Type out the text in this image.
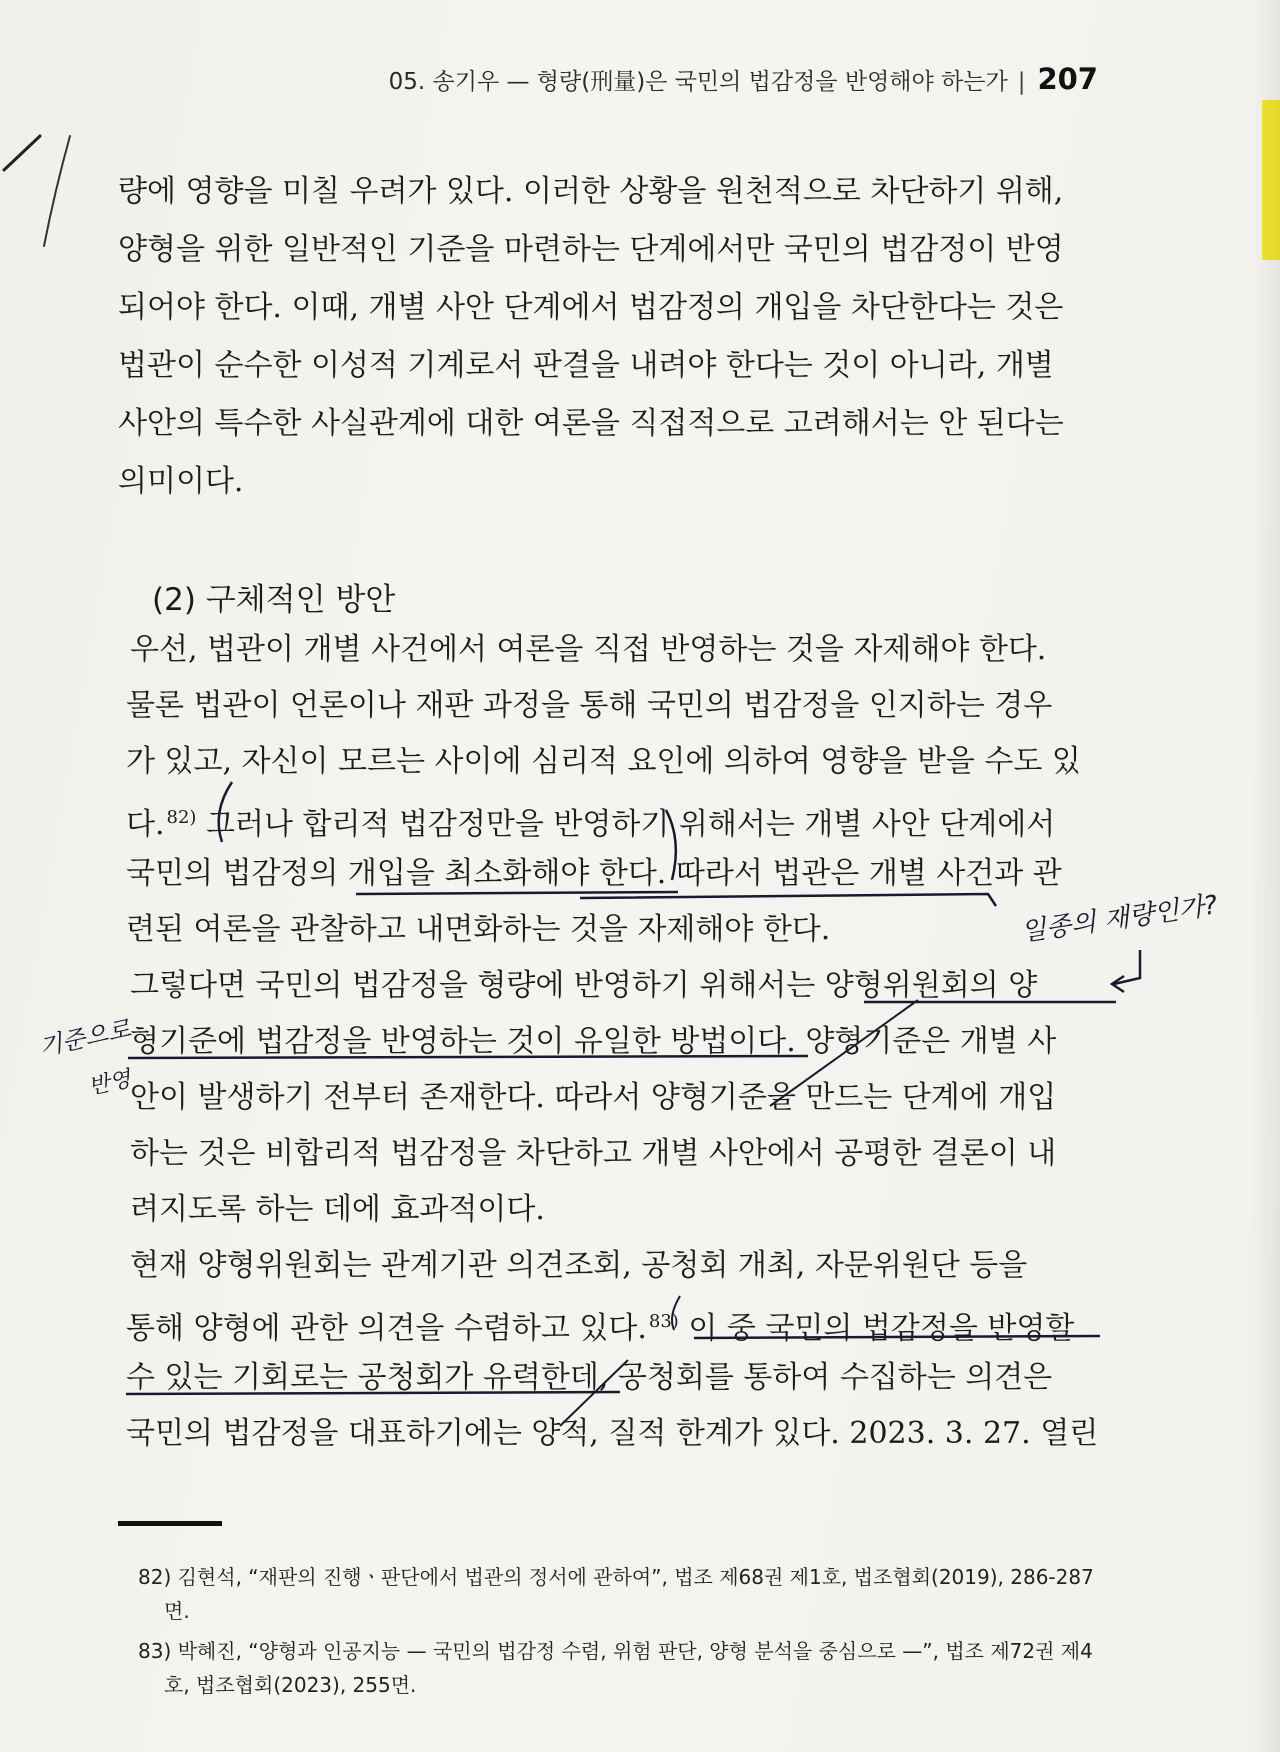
05. 송기우 — 형량(刑量)은 국민의 법감정을 반영해야 하는가 | 207
량에 영향을 미칠 우려가 있다. 이러한 상황을 원천적으로 차단하기 위해,
양형을 위한 일반적인 기준을 마련하는 단계에서만 국민의 법감정이 반영
되어야 한다. 이때, 개별 사안 단계에서 법감정의 개입을 차단한다는 것은
법관이 순수한 이성적 기계로서 판결을 내려야 한다는 것이 아니라, 개별
사안의 특수한 사실관계에 대한 여론을 직접적으로 고려해서는 안 된다는
의미이다.
(2) 구체적인 방안
우선, 법관이 개별 사건에서 여론을 직접 반영하는 것을 자제해야 한다.
물론 법관이 언론이나 재판 과정을 통해 국민의 법감정을 인지하는 경우
가 있고, 자신이 모르는 사이에 심리적 요인에 의하여 영향을 받을 수도 있
다. $^{82)}$ 그러나 합리적 법감정만을 반영하기 위해서는 개별 사안 단계에서
국민의 법감정의 개입을 최소화해야 한다. 따라서 법관은 개별 사건과 관
련된 여론을 관찰하고 내면화하는 것을 자제해야 한다.
그렇다면 국민의 법감정을 형량에 반영하기 위해서는 양형위원회의 양
형기준에 법감정을 반영하는 것이 유일한 방법이다. 양형기준은 개별 사
안이 발생하기 전부터 존재한다. 따라서 양형기준을 만드는 단계에 개입
하는 것은 비합리적 법감정을 차단하고 개별 사안에서 공평한 결론이 내
려지도록 하는 데에 효과적이다.
현재 양형위원회는 관계기관 의견조회, 공청회 개최, 자문위원단 등을
통해 양형에 관한 의견을 수렴하고 있다. $^{83)}$ 이 중 국민의 법감정을 반영할
수 있는 기회로는 공청회가 유력한데, 공청회를 통하여 수집하는 의견은
국민의 법감정을 대표하기에는 양적, 질적 한계가 있다. 2023. 3. 27. 열린
일종의 재량인가?
기준으로
반영
82) 김현석, “재판의 진행ㆍ판단에서 법관의 정서에 관하여”, 법조 제68권 제1호, 법조협회(2019), 286-287
면.
83) 박혜진, “양형과 인공지능 — 국민의 법감정 수렴, 위험 판단, 양형 분석을 중심으로 —”, 법조 제72권 제4
호, 법조협회(2023), 255면.
